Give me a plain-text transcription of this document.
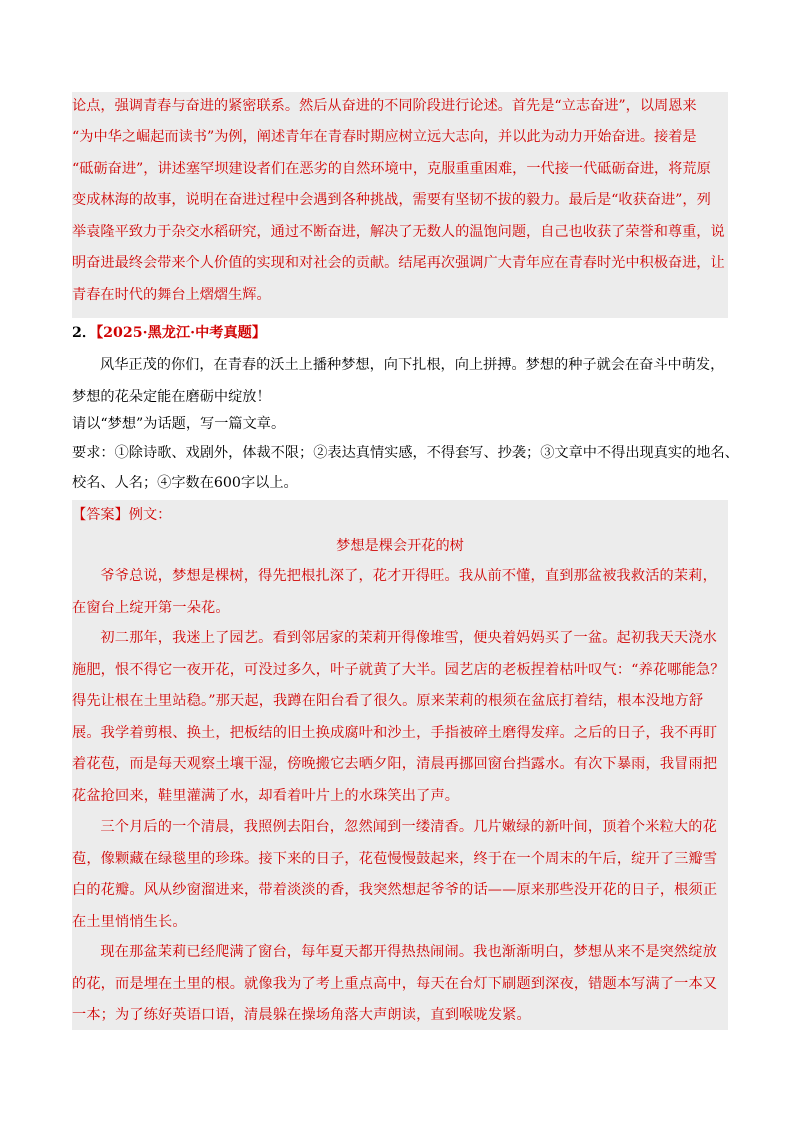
论点，强调青春与奋进的紧密联系。然后从奋进的不同阶段进行论述。首先是“立志奋进”，以周恩来
“为中华之崛起而读书”为例，阐述青年在青春时期应树立远大志向，并以此为动力开始奋进。接着是
“砥砺奋进”，讲述塞罕坝建设者们在恶劣的自然环境中，克服重重困难，一代接一代砥砺奋进，将荒原
变成林海的故事，说明在奋进过程中会遇到各种挑战，需要有坚韧不拔的毅力。最后是“收获奋进”，列
举袁隆平致力于杂交水稻研究，通过不断奋进，解决了无数人的温饱问题，自己也收获了荣誉和尊重，说
明奋进最终会带来个人价值的实现和对社会的贡献。结尾再次强调广大青年应在青春时光中积极奋进，让
青春在时代的舞台上熠熠生辉。
2．【2025·黑龙江·中考真题】
风华正茂的你们，在青春的沃土上播种梦想，向下扎根，向上拼搏。梦想的种子就会在奋斗中萌发，
梦想的花朵定能在磨砺中绽放！
请以“梦想”为话题，写一篇文章。
要求：①除诗歌、戏剧外，体裁不限；②表达真情实感，不得套写、抄袭；③文章中不得出现真实的地名、
校名、人名；④字数在600字以上。
【答案】例文：
梦想是棵会开花的树
爷爷总说，梦想是棵树，得先把根扎深了，花才开得旺。我从前不懂，直到那盆被我救活的茉莉，在窗台上绽开第一朵花。
初二那年，我迷上了园艺。看到邻居家的茉莉开得像堆雪，便央着妈妈买了一盆。起初我天天浇水施肥，恨不得它一夜开花，可没过多久，叶子就黄了大半。园艺店的老板捏着枯叶叹气：“养花哪能急？得先让根在土里站稳。”那天起，我蹲在阳台看了很久。原来茉莉的根须在盆底打着结，根本没地方舒展。我学着剪根、换土，把板结的旧土换成腐叶和沙土，手指被碎土磨得发痒。之后的日子，我不再盯着花苞，而是每天观察土壤干湿，傍晚搬它去晒夕阳，清晨再挪回窗台挡露水。有次下暴雨，我冒雨把花盆抢回来，鞋里灌满了水，却看着叶片上的水珠笑出了声。
三个月后的一个清晨，我照例去阳台，忽然闻到一缕清香。几片嫩绿的新叶间，顶着个米粒大的花苞，像颗藏在绿毯里的珍珠。接下来的日子，花苞慢慢鼓起来，终于在一个周末的午后，绽开了三瓣雪白的花瓣。风从纱窗溜进来，带着淡淡的香，我突然想起爷爷的话——原来那些没开花的日子，根须正在土里悄悄生长。
现在那盆茉莉已经爬满了窗台，每年夏天都开得热热闹闹。我也渐渐明白，梦想从来不是突然绽放的花，而是埋在土里的根。就像我为了考上重点高中，每天在台灯下刷题到深夜，错题本写满了一本又一本；为了练好英语口语，清晨躲在操场角落大声朗读，直到喉咙发紧。
